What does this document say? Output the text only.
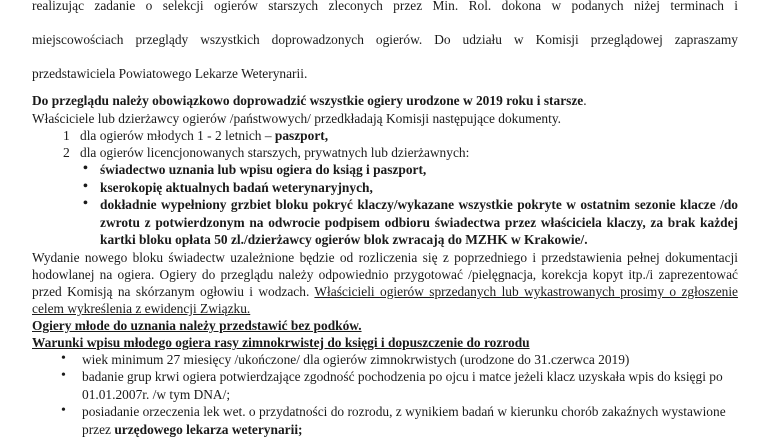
realizując zadanie o selekcji ogierów starszych zleconych przez Min. Rol. dokona w podanych niżej terminach i

miejscowościach przeglądy wszystkich doprowadzonych ogierów. Do udziału w Komisji przeglądowej zapraszamy

przedstawiciela Powiatowego Lekarze Weterynarii.

Do przeglądu należy obowiązkowo doprowadzić wszystkie ogiery urodzone w 2019 roku i starsze.

Właściciele lub dzierżawcy ogierów /państwowych/ przedkładają Komisji następujące dokumenty.

1 dla ogierów młodych 1 - 2 letnich – paszport,
2 dla ogierów licencjonowanych starszych, prywatnych lub dzierżawnych:
• świadectwo uznania lub wpisu ogiera do ksiąg i paszport,
• kserokopię aktualnych badań weterynaryjnych,
• dokładnie wypełniony grzbiet bloku pokryć klaczy/wykazane wszystkie pokryte w ostatnim sezonie klacze /do zwrotu z potwierdzonym na odwrocie podpisem odbioru świadectwa przez właściciela klaczy, za brak każdej kartki bloku opłata 50 zl./dzierżawcy ogierów blok zwracają do MZHK w Krakowie/.

Wydanie nowego bloku świadectw uzależnione będzie od rozliczenia się z poprzedniego i przedstawienia pełnej dokumentacji hodowlanej na ogiera. Ogiery do przeglądu należy odpowiednio przygotować /pielęgnacja, korekcja kopyt itp./i zaprezentować przed Komisją na skórzanym ogłowiu i wodzach. Właścicieli ogierów sprzedanych lub wykastrowanych prosimy o zgłoszenie celem wykreślenia z ewidencji Związku.

Ogiery młode do uznania należy przedstawić bez podków.

Warunki wpisu młodego ogiera rasy zimnokrwistej do księgi i dopuszczenie do rozrodu

• wiek minimum 27 miesięcy /ukończone/ dla ogierów zimnokrwistych (urodzone do 31.czerwca 2019)
• badanie grup krwi ogiera potwierdzające zgodność pochodzenia po ojcu i matce jeżeli klacz uzyskała wpis do księgi po 01.01.2007r. /w tym DNA/;
• posiadanie orzeczenia lek wet. o przydatności do rozrodu, z wynikiem badań w kierunku chorób zakaźnych wystawione przez urzędowego lekarza weterynarii;
